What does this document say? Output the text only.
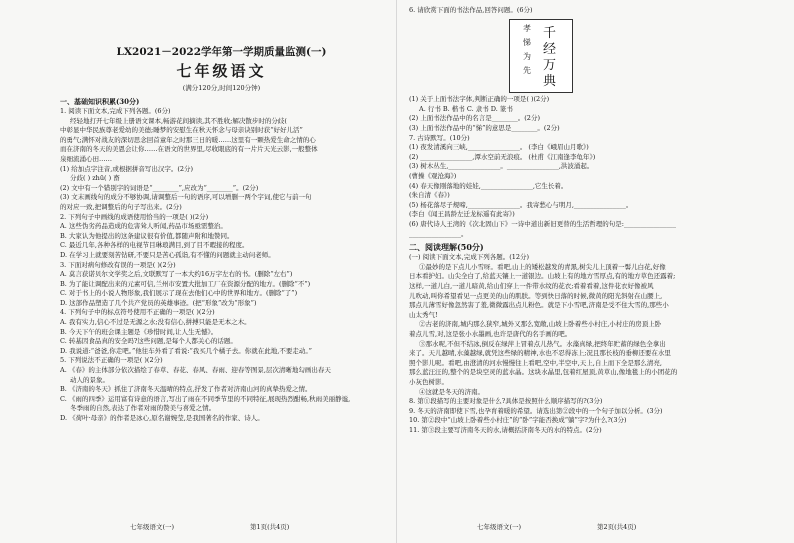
LX2021－2022学年第一学期质量监测(一)
七年级语文
(满分120分,时间120分钟)
一、基础知识积累(30分)
1. 阅读下面文本,完成下列各题。(6分)
经轻地打开七年级上册语文课本,畅游花间摘读,其不胜收;解决散步时的分歧(
中彰显中华民族尊老爱幼的美德;睡梦的安慰生在秋天怀念与母亲诀别时获“好好儿活”
的勇气;满怀对战友的深切思念回首童年之时那三日的暖……这里有一颗热爱生命之情的心
而在济南的冬天的美恩会让你……在语文的世界里,尽收眼底的有一片片天光云影,一般整体
泉细流涌心田……
(1) 给加点字注音,或根据拼音写出汉字。(2分)
分歧( ) zhū( ) 畜
(2) 文中有一个错别字的词语是“________”,应改为“________”。(2分)
(3) 文末画线句的成分不够协调,请调整后一句的语序,可以增删一两个字词,使它与前一句
的对应一致,把调整后的句子写出来。(2分)
2. 下列句子中画线的成语使用恰当的一项是( )(2分)
A. 这些伪劣药品造成的危害耸人听闻,药品市场亟需整治。
B. 大家认为他提出的这条建议很有价值,都随声附和地赞同。
C. 最近几年,各种各样的电视节目琳琅满目,到了目不暇接的程度。
D. 在学习上就要刻苦钻研,不要只是苦心孤诣,有不懂的问题就主动问老师。
3. 下面对病句修改有误的一项是( )(2分)
A. 莫言获诺贝尔文学奖之后,文联默写了一本大约16万字左右的书。(删除“左右”)
B. 为了能让调配出来的元素可信,兰州市安置大批加工厂在资源分配的地方。(删除“不”)
C. 对于书上的小说人物形象,我们展示了现在去他们心中的世界和地方。(删除“了”)
D. 这部作品塑造了几个共产党员的英雄事迹。(把“形象”改为“形象”)
4. 下列句子中的标点符号使用不正确的一项是( )(2分)
A. 我有实力,信心不过是无源之水;没有信心,拼搏只能是无本之木。
B. 今天下午的班会课主题是《珍惜时间,让人生无憾》。
C. 转基因食品真的安全吗?这些问题,是每个人都关心的话题。
D. 我说道:“爸爸,你走吧。”他往车外看了看说:“我买几个橘子去。你就在此地,不要走动。”
5. 下列说法不正确的一项是( )(2分)
A. 《春》的主体部分依次描绘了春草、春花、春风、春雨、迎春等图景,层次清晰地勾画出春天
动人的景象。
B. 《济南的冬天》抓住了济南冬天温晴的特点,抒发了作者对济南山河的真挚热爱之情。
C. 《雨的四季》运用富有诗意的语言,写出了雨在不同季节里的不同特征,展现热烈酣畅,秋雨美丽静谧,
冬季雨的自然,表达了作者对雨的赞美与喜爱之情。
D. 《荷叶·母亲》的作者是冰心,原名谢婉莹,是我国著名的作家、诗人。
七年级语文(一)	第1页(共4页)
6. 请欣赏下面的书法作品,回答问题。(6分)
孝
悌
为
先
千
经
万
典
(1) 关于上面书法字体,判断正确的一项是( )(2分)
A. 行书 B. 楷书 C. 隶书 D. 篆书
(2) 上面书法作品中的名言是________。(2分)
(3) 上面书法作品中的“悌”的意思是________。(2分)
7. 古诗默写。(10分)
(1) 夜发清溪向三峡,________________。 (李白《峨眉山月歌》)
(2) ________________,潭水空前无浪痕。 (杜甫《江南逢李龟年》)
(3) 树木丛生,________________。________________,洪波涌起。
(曹操《观沧海》)
(4) 春天像刚落地的娃娃,________________,它生长着。
(朱自清《春》)
(5) 杨花落尽子规啼,________________。我寄愁心与明月,________________。
(李白《闻王昌龄左迁龙标遥有此寄》)
(6) 唐代诗人王湾的《次北固山下》一诗中道出新旧更替的生活哲理的句是:________________
________________。
二、阅读理解(50分)
(一) 阅读下面文本,完成下列各题。(12分)
①最妙的是下点儿小雪呀。看吧,山上的矮松越发的青黑,树尖儿上顶着一髻儿白花,好像
日本看护妇。山尖全白了,给蓝天镶上一道银边。山坡上有的地方雪厚点,有的地方草色还露着;
这样,一道儿白,一道儿暗黄,给山们穿上一件带水纹的花衣;看着看着,这件花衣好像被风
儿吹动,叫你希望看见一点更美的山的肌肤。等到快日落的时候,微黄的阳光斜射在山腰上,
那点儿薄雪好像忽然害了羞,微微露出点儿粉色。就是下小雪吧,济南是受不住大雪的,那些小
山太秀气!
②古老的济南,城内那么狭窄,城外又那么宽敞,山坡上卧着些小村庄,小村庄的房顶上卧
着点儿雪,对,这是张小水墨画,也许是唐代的名手画的吧。
③那水呢,不但不结冰,倒反在绿萍上冒着点儿热气。水藻真绿,把终年贮蓄的绿色全拿出
来了。天儿越晴,水藻越绿,就凭这些绿的精神,水也不忍得冻上;况且那长枝的垂柳还要在水里
照个影儿呢。看吧,由澄清的河水慢慢往上看吧,空中,半空中,天上,自上而下全是那么清亮,
那么蓝汪汪的,整个的是块空灵的蓝水晶。这块水晶里,包着红屋顶,黄草山,像地毯上的小团花的
小灰色树影。
④这就是冬天的济南。
8. 第①段描写的主要对象是什么?具体是按照什么顺序描写的?(3分)
9. 冬天的济南即使下雪,也孕育着暖的希望。请选出第②段中的一个句子加以分析。(3分)
10. 第②段中“山坡上卧着些小村庄”的“卧”字能否换成“躺”字?为什么?(3分)
11. 第③段主要写济南冬天的水,请概括济南冬天的水的特点。(2分)
七年级语文(一)	第2页(共4页)
